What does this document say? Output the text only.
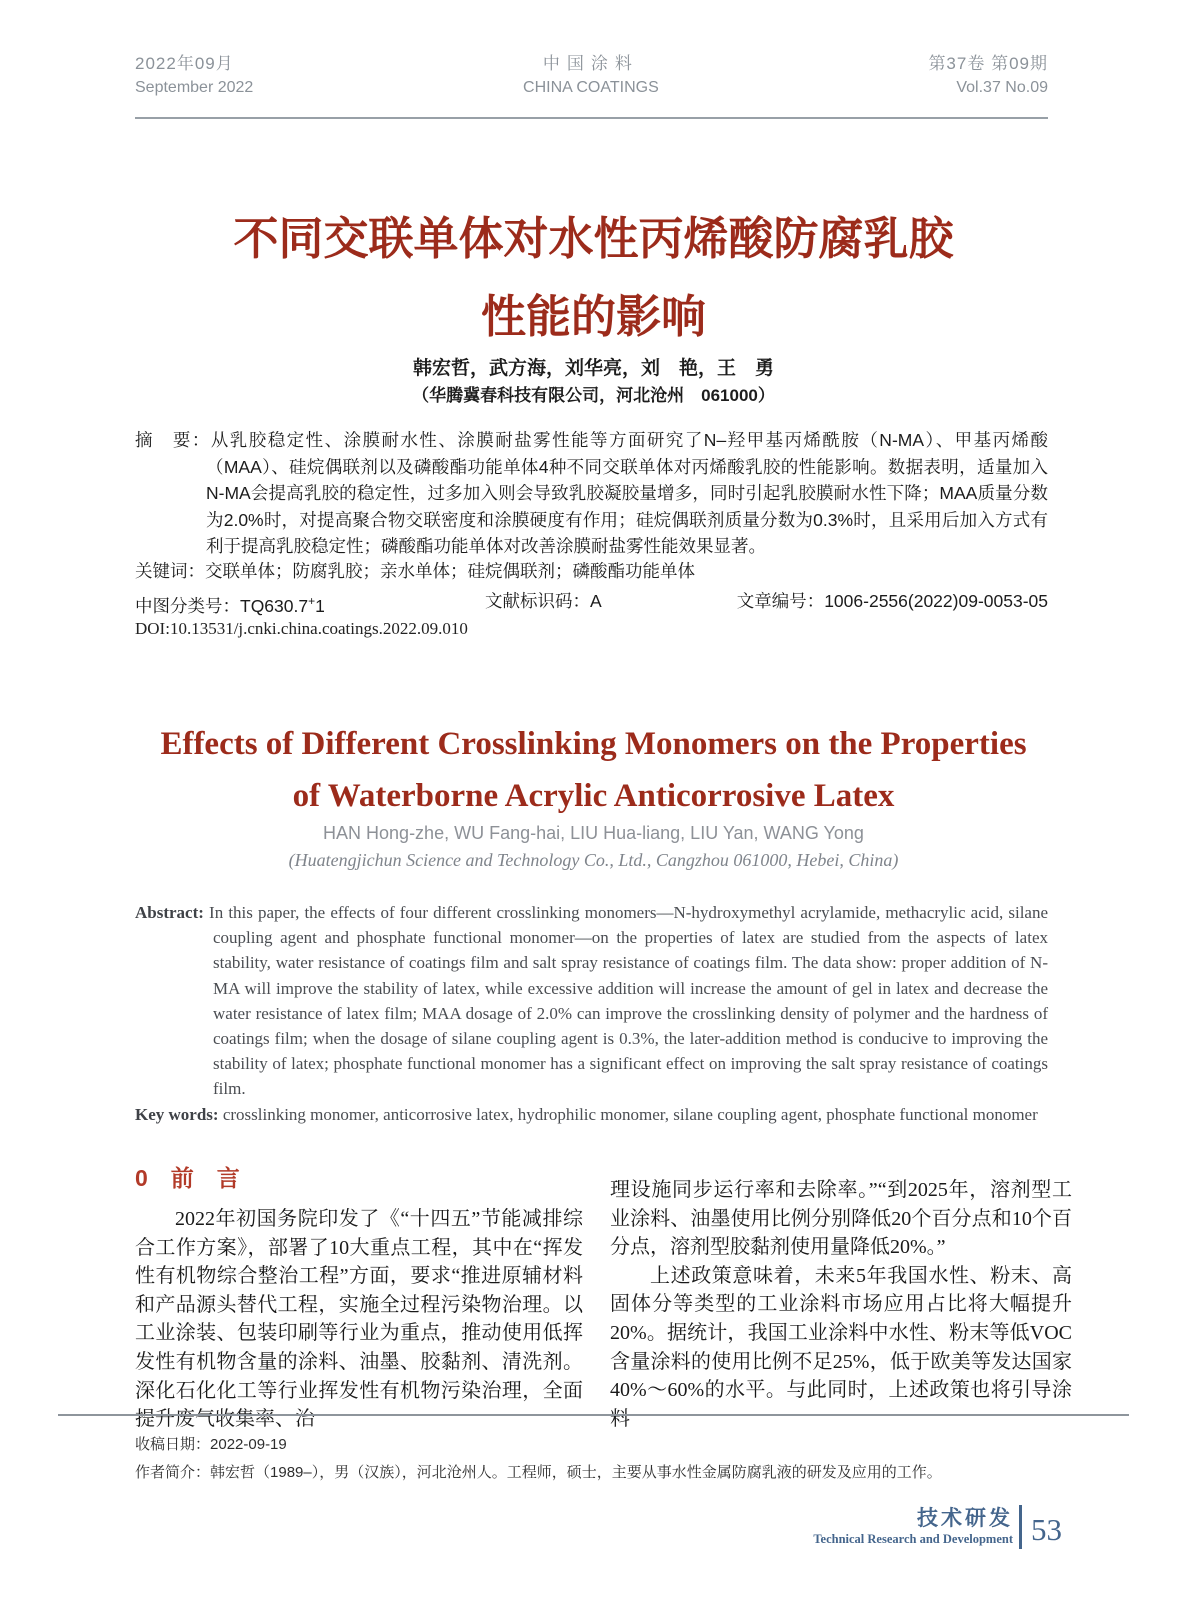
2022年09月
September 2022
中国涂料
CHINA COATINGS
第37卷 第09期
Vol.37 No.09
不同交联单体对水性丙烯酸防腐乳胶
性能的影响
韩宏哲，武方海，刘华亮，刘　艳，王　勇
（华腾冀春科技有限公司，河北沧州　061000）
摘　要：从乳胶稳定性、涂膜耐水性、涂膜耐盐雾性能等方面研究了N–羟甲基丙烯酰胺（N-MA）、甲基丙烯酸（MAA）、硅烷偶联剂以及磷酸酯功能单体4种不同交联单体对丙烯酸乳胶的性能影响。数据表明，适量加入N-MA会提高乳胶的稳定性，过多加入则会导致乳胶凝胶量增多，同时引起乳胶膜耐水性下降；MAA质量分数为2.0%时，对提高聚合物交联密度和涂膜硬度有作用；硅烷偶联剂质量分数为0.3%时，且采用后加入方式有利于提高乳胶稳定性；磷酸酯功能单体对改善涂膜耐盐雾性能效果显著。
关键词：交联单体；防腐乳胶；亲水单体；硅烷偶联剂；磷酸酯功能单体
中图分类号：TQ630.7+1	文献标识码：A	文章编号：1006-2556(2022)09-0053-05
DOI:10.13531/j.cnki.china.coatings.2022.09.010
Effects of Different Crosslinking Monomers on the Properties
of Waterborne Acrylic Anticorrosive Latex
HAN Hong-zhe, WU Fang-hai, LIU Hua-liang, LIU Yan, WANG Yong
(Huatengjichun Science and Technology Co., Ltd., Cangzhou 061000, Hebei, China)

Abstract: In this paper, the effects of four different crosslinking monomers—N-hydroxymethyl acrylamide, methacrylic acid, silane coupling agent and phosphate functional monomer—on the properties of latex are studied from the aspects of latex stability, water resistance of coatings film and salt spray resistance of coatings film. The data show: proper addition of N-MA will improve the stability of latex, while excessive addition will increase the amount of gel in latex and decrease the water resistance of latex film; MAA dosage of 2.0% can improve the crosslinking density of polymer and the hardness of coatings film; when the dosage of silane coupling agent is 0.3%, the later-addition method is conducive to improving the stability of latex; phosphate functional monomer has a significant effect on improving the salt spray resistance of coatings film.

Key words: crosslinking monomer, anticorrosive latex, hydrophilic monomer, silane coupling agent, phosphate functional monomer

0　前　言

2022年初国务院印发了《“十四五”节能减排综合工作方案》，部署了10大重点工程，其中在“挥发性有机物综合整治工程”方面，要求“推进原辅材料和产品源头替代工程，实施全过程污染物治理。以工业涂装、包装印刷等行业为重点，推动使用低挥发性有机物含量的涂料、油墨、胶黏剂、清洗剂。深化石化化工等行业挥发性有机物污染治理，全面提升废气收集率、治

理设施同步运行率和去除率。”“到2025年，溶剂型工业涂料、油墨使用比例分别降低20个百分点和10个百分点，溶剂型胶黏剂使用量降低20%。”

上述政策意味着，未来5年我国水性、粉末、高固体分等类型的工业涂料市场应用占比将大幅提升20%。据统计，我国工业涂料中水性、粉末等低VOC含量涂料的使用比例不足25%，低于欧美等发达国家40%～60%的水平。与此同时，上述政策也将引导涂料

收稿日期：2022-09-19
作者简介：韩宏哲（1989–），男（汉族），河北沧州人。工程师，硕士，主要从事水性金属防腐乳液的研发及应用的工作。
技术研发
Technical Research and Development 53
